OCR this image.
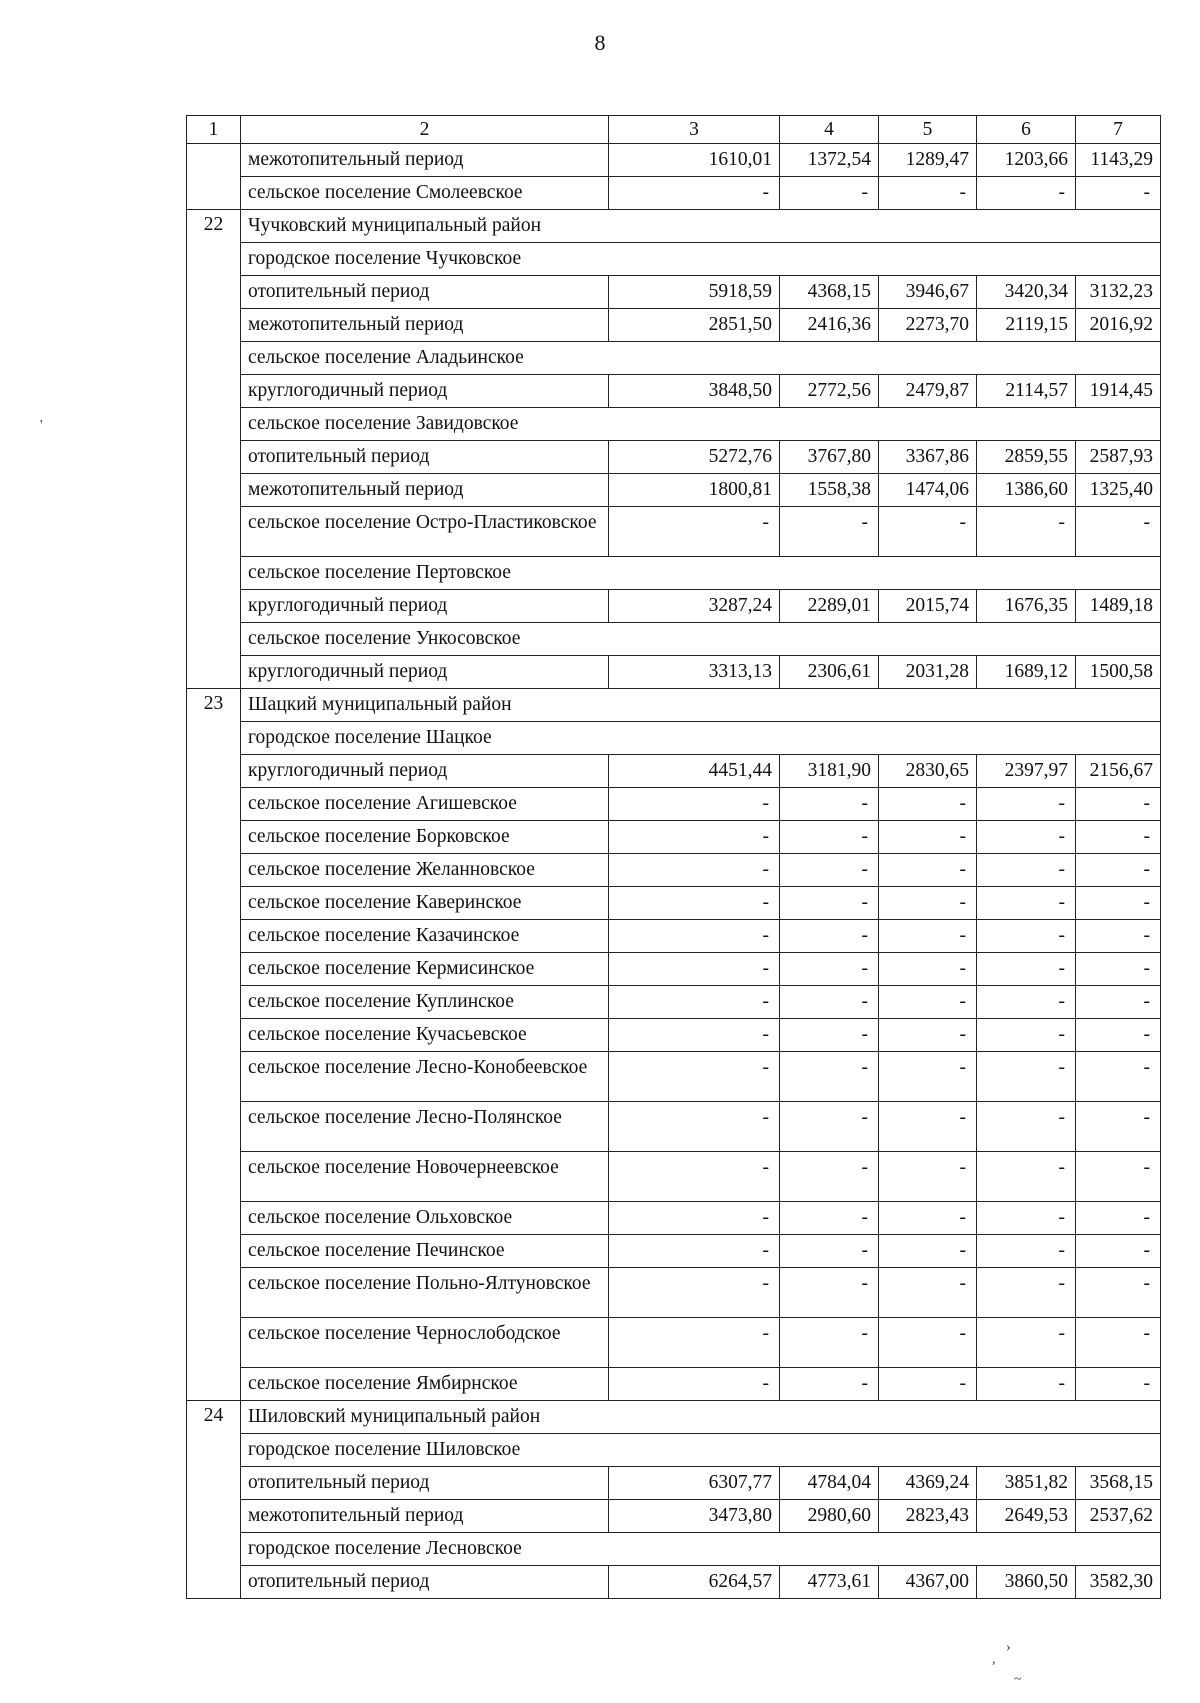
8
1	2	3	4	5	6	7
	межотопительный период	1610,01	1372,54	1289,47	1203,66	1143,29
	сельское поселение Смолеевское	-	-	-	-	-
22	Чучковский муниципальный район					
	городское поселение Чучковское					
	отопительный период	5918,59	4368,15	3946,67	3420,34	3132,23
	межотопительный период	2851,50	2416,36	2273,70	2119,15	2016,92
	сельское поселение Аладьинское					
	круглогодичный период	3848,50	2772,56	2479,87	2114,57	1914,45
	сельское поселение Завидовское					
	отопительный период	5272,76	3767,80	3367,86	2859,55	2587,93
	межотопительный период	1800,81	1558,38	1474,06	1386,60	1325,40
	сельское поселение Остро-Пластиковское	-	-	-	-	-
	сельское поселение Пертовское					
	круглогодичный период	3287,24	2289,01	2015,74	1676,35	1489,18
	сельское поселение Ункосовское					
	круглогодичный период	3313,13	2306,61	2031,28	1689,12	1500,58
23	Шацкий муниципальный район					
	городское поселение Шацкое					
	круглогодичный период	4451,44	3181,90	2830,65	2397,97	2156,67
	сельское поселение Агишевское	-	-	-	-	-
	сельское поселение Борковское	-	-	-	-	-
	сельское поселение Желанновское	-	-	-	-	-
	сельское поселение Каверинское	-	-	-	-	-
	сельское поселение Казачинское	-	-	-	-	-
	сельское поселение Кермисинское	-	-	-	-	-
	сельское поселение Куплинское	-	-	-	-	-
	сельское поселение Кучасьевское	-	-	-	-	-
	сельское поселение Лесно-Конобеевское	-	-	-	-	-
	сельское поселение Лесно-Полянское	-	-	-	-	-
	сельское поселение Новочернеевское	-	-	-	-	-
	сельское поселение Ольховское	-	-	-	-	-
	сельское поселение Печинское	-	-	-	-	-
	сельское поселение Польно-Ялтуновское	-	-	-	-	-
	сельское поселение Чернослободское	-	-	-	-	-
	сельское поселение Ямбирнское	-	-	-	-	-
24	Шиловский муниципальный район					
	городское поселение Шиловское					
	отопительный период	6307,77	4784,04	4369,24	3851,82	3568,15
	межотопительный период	3473,80	2980,60	2823,43	2649,53	2537,62
	городское поселение Лесновское					
	отопительный период	6264,57	4773,61	4367,00	3860,50	3582,30
'
›
,
~
